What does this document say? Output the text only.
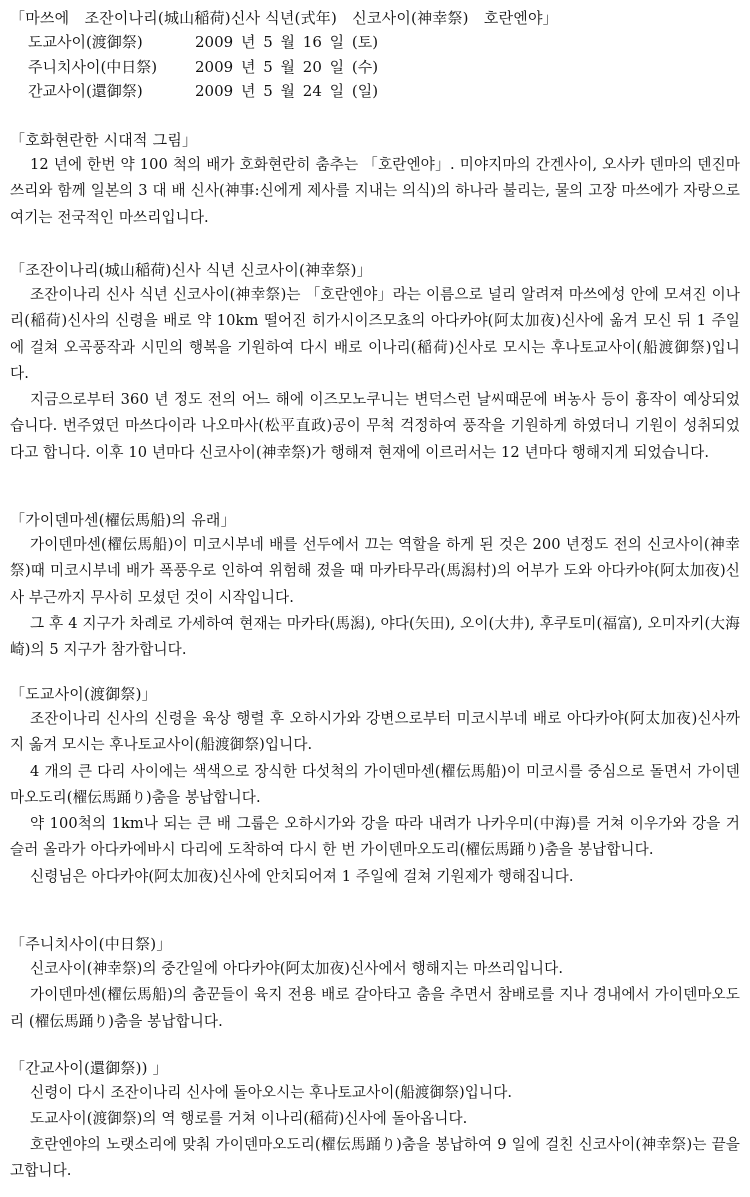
「마쓰에　조잔이나리(城山稲荷)신사 식년(式年)　신코사이(神幸祭)　호란엔야」
도교사이(渡御祭)	2009 년 5 월 16 일 (토)
주니치사이(中日祭)	2009 년 5 월 20 일 (수)
간교사이(還御祭)	2009 년 5 월 24 일 (일)
「호화현란한 시대적 그림」

12 년에 한번 약 100 척의 배가 호화현란히 춤추는 「호란엔야」. 미야지마의 간겐사이, 오사카 덴마의 덴진마쓰리와 함께 일본의 3 대 배 신사(神事:신에게 제사를 지내는 의식)의 하나라 불리는, 물의 고장 마쓰에가 자랑으로 여기는 전국적인 마쓰리입니다.

「조잔이나리(城山稲荷)신사 식년 신코사이(神幸祭)」

조잔이나리 신사 식년 신코사이(神幸祭)는 「호란엔야」라는 이름으로 널리 알려져 마쓰에성 안에 모셔진 이나리(稲荷)신사의 신령을 배로 약 10km 떨어진 히가시이즈모쵸의 아다카야(阿太加夜)신사에 옮겨 모신 뒤 1 주일에 걸쳐 오곡풍작과 시민의 행복을 기원하여 다시 배로 이나리(稲荷)신사로 모시는 후나토교사이(船渡御祭)입니다.

지금으로부터 360 년 정도 전의 어느 해에 이즈모노쿠니는 변덕스런 날씨때문에 벼농사 등이 흉작이 예상되었습니다. 번주였던 마쓰다이라 나오마사(松平直政)공이 무척 걱정하여 풍작을 기원하게 하였더니 기원이 성취되었다고 합니다. 이후 10 년마다 신코사이(神幸祭)가 행해져 현재에 이르러서는 12 년마다 행해지게 되었습니다.

「가이덴마센(櫂伝馬船)의 유래」

가이덴마센(櫂伝馬船)이 미코시부네 배를 선두에서 끄는 역할을 하게 된 것은 200 년정도 전의 신코사이(神幸祭)때 미코시부네 배가 폭풍우로 인하여 위험해 졌을 때 마카타무라(馬潟村)의 어부가 도와 아다카야(阿太加夜)신사 부근까지 무사히 모셨던 것이 시작입니다.

그 후 4 지구가 차례로 가세하여 현재는 마카타(馬潟), 야다(矢田), 오이(大井), 후쿠토미(福富), 오미자키(大海崎)의 5 지구가 참가합니다.

「도교사이(渡御祭)」

조잔이나리 신사의 신령을 육상 행렬 후 오하시가와 강변으로부터 미코시부네 배로 아다카야(阿太加夜)신사까지 옮겨 모시는 후나토교사이(船渡御祭)입니다.

4 개의 큰 다리 사이에는 색색으로 장식한 다섯척의 가이덴마센(櫂伝馬船)이 미코시를 중심으로 돌면서 가이덴마오도리(櫂伝馬踊り)춤을 봉납합니다.

약 100척의 1km나 되는 큰 배 그룹은 오하시가와 강을 따라 내려가 나카우미(中海)를 거쳐 이우가와 강을 거슬러 올라가 아다카에바시 다리에 도착하여 다시 한 번 가이덴마오도리(櫂伝馬踊り)춤을 봉납합니다.

신령님은 아다카야(阿太加夜)신사에 안치되어져 1 주일에 걸쳐 기원제가 행해집니다.

「주니치사이(中日祭)」

신코사이(神幸祭)의 중간일에 아다카야(阿太加夜)신사에서 행해지는 마쓰리입니다.

가이덴마센(櫂伝馬船)의 춤꾼들이 육지 전용 배로 갈아타고 춤을 추면서 참배로를 지나 경내에서 가이덴마오도리 (櫂伝馬踊り)춤을 봉납합니다.

「간교사이(還御祭)) 」

신령이 다시 조잔이나리 신사에 돌아오시는 후나토교사이(船渡御祭)입니다.

도교사이(渡御祭)의 역 행로를 거쳐 이나리(稲荷)신사에 돌아옵니다.

호란엔야의 노랫소리에 맞춰 가이덴마오도리(櫂伝馬踊り)춤을 봉납하여 9 일에 걸친 신코사이(神幸祭)는 끝을 고합니다.
